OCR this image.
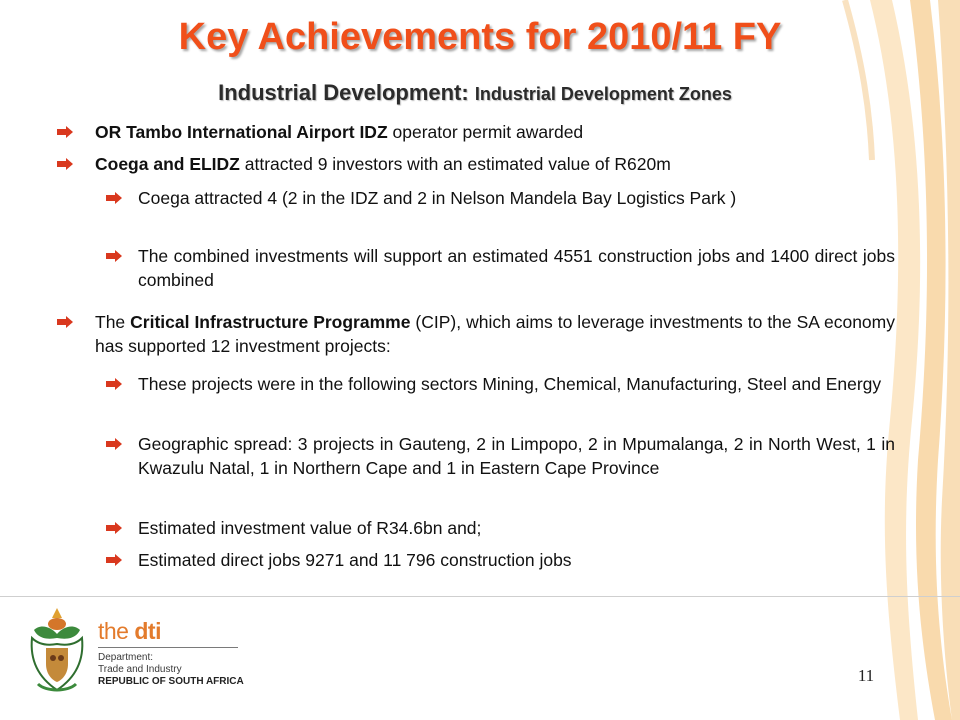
Key Achievements for 2010/11 FY
Industrial Development: Industrial Development Zones
OR Tambo International Airport IDZ operator permit awarded
Coega and ELIDZ attracted 9 investors with an estimated value of R620m
Coega attracted 4 (2 in the IDZ and 2 in Nelson Mandela Bay Logistics Park )
The combined investments will support an estimated 4551 construction jobs and 1400 direct jobs combined
The Critical Infrastructure Programme (CIP), which aims to leverage investments to the SA economy has supported 12 investment projects:
These projects were in the following sectors Mining, Chemical, Manufacturing, Steel and Energy
Geographic spread: 3 projects in Gauteng, 2 in Limpopo, 2 in Mpumalanga, 2 in North West, 1 in Kwazulu Natal, 1 in Northern Cape and 1 in Eastern Cape Province
Estimated investment value of R34.6bn and;
Estimated direct jobs 9271 and 11 796 construction jobs
the dti
Department:
Trade and Industry
REPUBLIC OF SOUTH AFRICA	11
